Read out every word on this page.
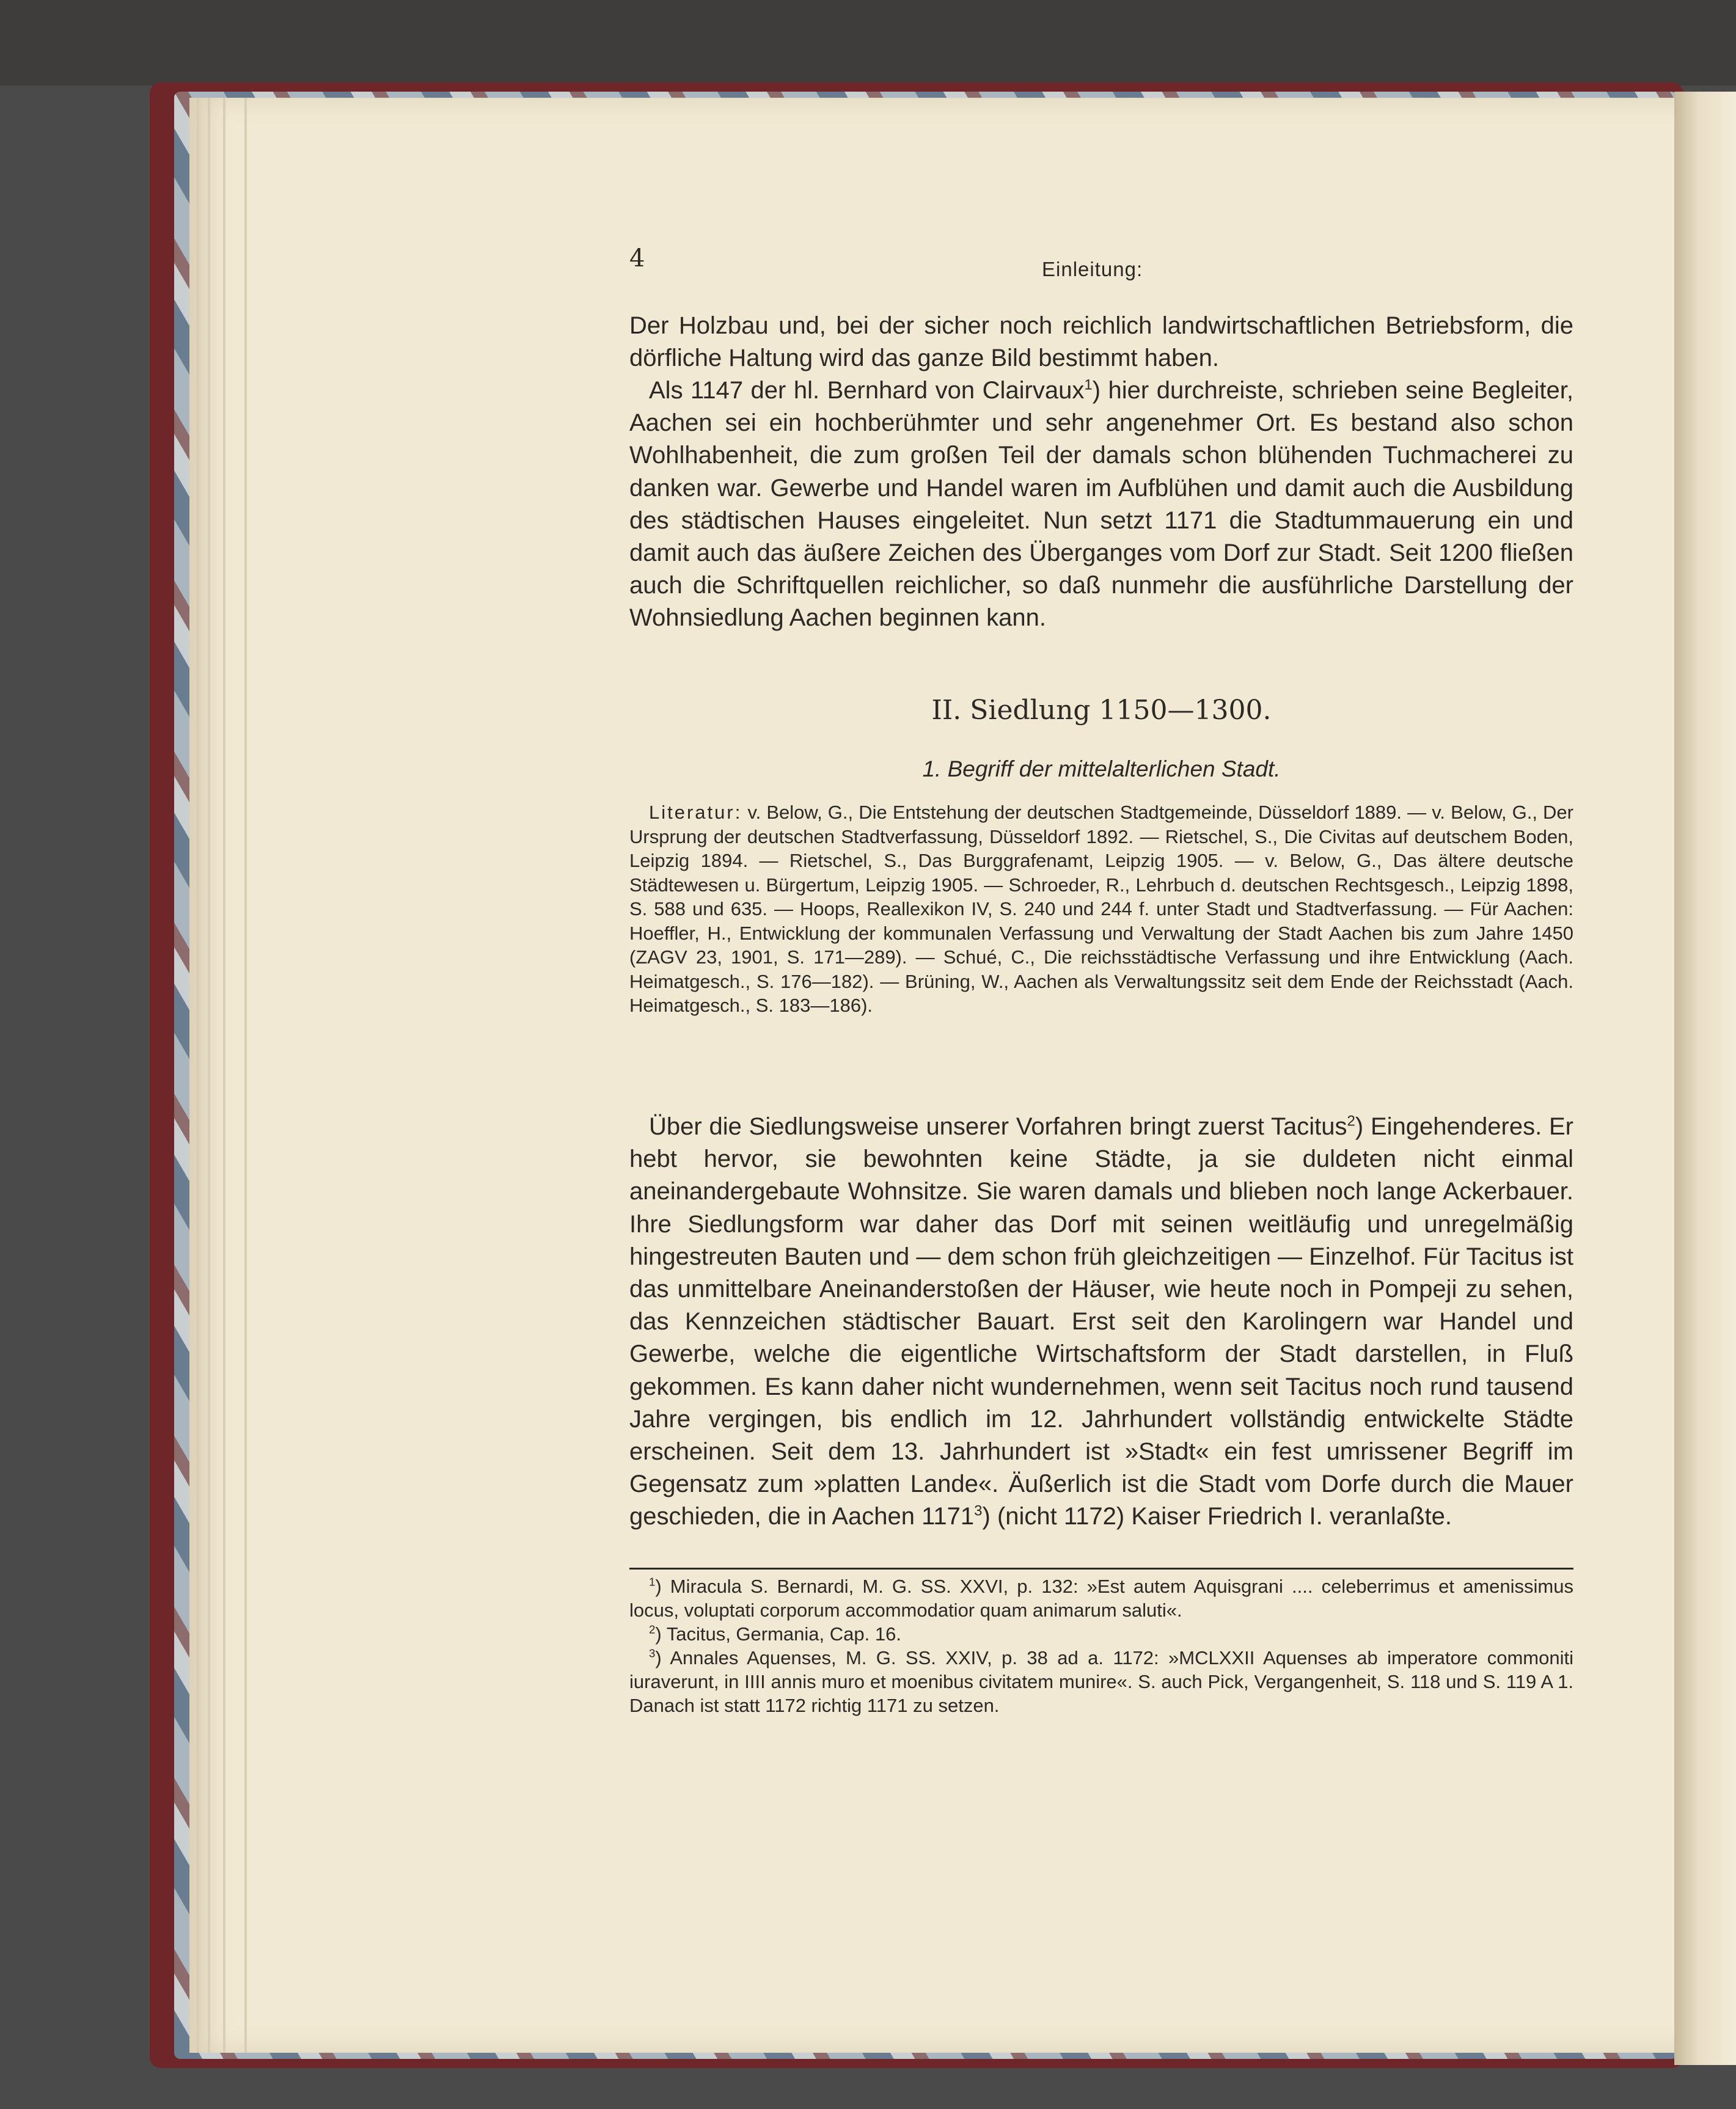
4	Einleitung:
Der Holzbau und, bei der sicher noch reichlich landwirtschaftlichen Betriebsform, die dörfliche Haltung wird das ganze Bild bestimmt haben.
Als 1147 der hl. Bernhard von Clairvaux$^1$) hier durchreiste, schrieben seine Begleiter, Aachen sei ein hochberühmter und sehr angenehmer Ort. Es bestand also schon Wohlhabenheit, die zum großen Teil der damals schon blühenden Tuchmacherei zu danken war. Gewerbe und Handel waren im Aufblühen und damit auch die Ausbildung des städtischen Hauses eingeleitet. Nun setzt 1171 die Stadtummauerung ein und damit auch das äußere Zeichen des Überganges vom Dorf zur Stadt. Seit 1200 fließen auch die Schriftquellen reichlicher, so daß nunmehr die ausführliche Darstellung der Wohnsiedlung Aachen beginnen kann.
II. Siedlung 1150—1300.
1. Begriff der mittelalterlichen Stadt.
Literatur: v. Below, G., Die Entstehung der deutschen Stadtgemeinde, Düsseldorf 1889. — v. Below, G., Der Ursprung der deutschen Stadtverfassung, Düsseldorf 1892. — Rietschel, S., Die Civitas auf deutschem Boden, Leipzig 1894. — Rietschel, S., Das Burggrafenamt, Leipzig 1905. — v. Below, G., Das ältere deutsche Städtewesen u. Bürgertum, Leipzig 1905. — Schroeder, R., Lehrbuch d. deutschen Rechtsgesch., Leipzig 1898, S. 588 und 635. — Hoops, Reallexikon IV, S. 240 und 244 f. unter Stadt und Stadtverfassung. — Für Aachen: Hoeffler, H., Entwicklung der kommunalen Verfassung und Verwaltung der Stadt Aachen bis zum Jahre 1450 (ZAGV 23, 1901, S. 171—289). — Schué, C., Die reichsstädtische Verfassung und ihre Entwicklung (Aach. Heimatgesch., S. 176—182). — Brüning, W., Aachen als Verwaltungssitz seit dem Ende der Reichsstadt (Aach. Heimatgesch., S. 183—186).
Über die Siedlungsweise unserer Vorfahren bringt zuerst Tacitus$^2$) Eingehenderes. Er hebt hervor, sie bewohnten keine Städte, ja sie duldeten nicht einmal aneinandergebaute Wohnsitze. Sie waren damals und blieben noch lange Ackerbauer. Ihre Siedlungsform war daher das Dorf mit seinen weitläufig und unregelmäßig hingestreuten Bauten und — dem schon früh gleichzeitigen — Einzelhof. Für Tacitus ist das unmittelbare Aneinanderstoßen der Häuser, wie heute noch in Pompeji zu sehen, das Kennzeichen städtischer Bauart. Erst seit den Karolingern war Handel und Gewerbe, welche die eigentliche Wirtschaftsform der Stadt darstellen, in Fluß gekommen. Es kann daher nicht wundernehmen, wenn seit Tacitus noch rund tausend Jahre vergingen, bis endlich im 12. Jahrhundert vollständig entwickelte Städte erscheinen. Seit dem 13. Jahrhundert ist »Stadt« ein fest umrissener Begriff im Gegensatz zum »platten Lande«. Äußerlich ist die Stadt vom Dorfe durch die Mauer geschieden, die in Aachen 1171$^3$) (nicht 1172) Kaiser Friedrich I. veranlaßte.
$^1$) Miracula S. Bernardi, M. G. SS. XXVI, p. 132: »Est autem Aquisgrani .... celeberrimus et amenissimus locus, voluptati corporum accommodatior quam animarum saluti«.
$^2$) Tacitus, Germania, Cap. 16.
$^3$) Annales Aquenses, M. G. SS. XXIV, p. 38 ad a. 1172: »MCLXXII Aquenses ab imperatore commoniti iuraverunt, in IIII annis muro et moenibus civitatem munire«. S. auch Pick, Vergangenheit, S. 118 und S. 119 A 1. Danach ist statt 1172 richtig 1171 zu setzen.
